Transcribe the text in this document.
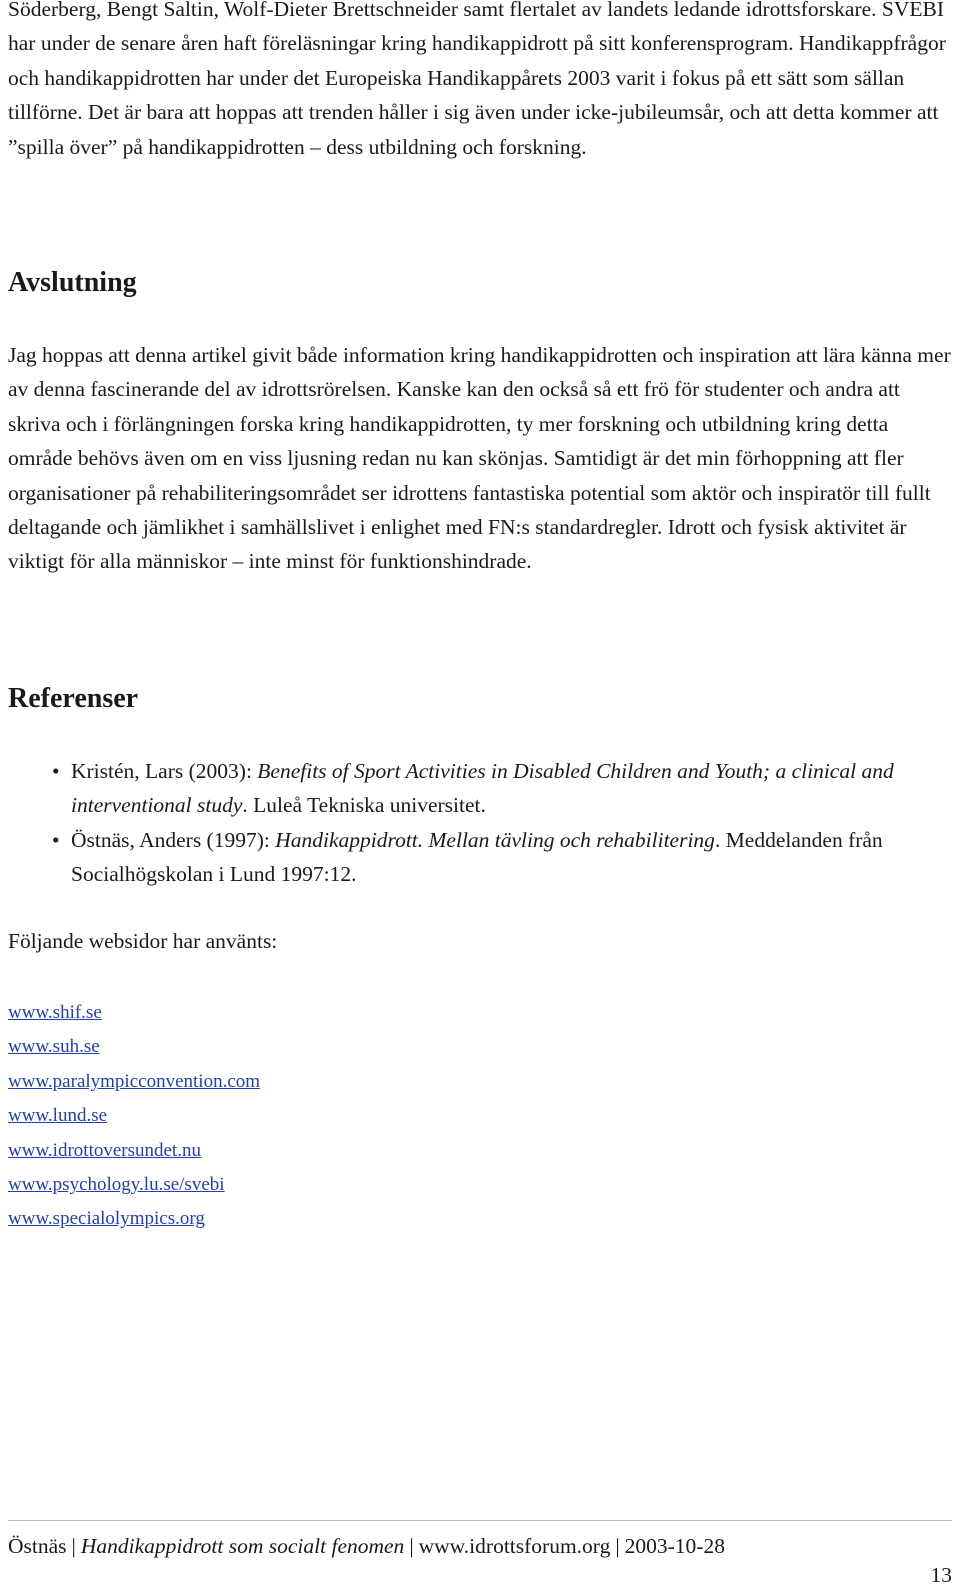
Söderberg, Bengt Saltin, Wolf-Dieter Brettschneider samt flertalet av landets ledande idrottsforskare. SVEBI har under de senare åren haft föreläsningar kring handikappidrott på sitt konferensprogram. Handikappfrågor och handikappidrotten har under det Europeiska Handikappårets 2003 varit i fokus på ett sätt som sällan tillförne. Det är bara att hoppas att trenden håller i sig även under icke-jubileumsår, och att detta kommer att ”spilla över” på handikappidrotten – dess utbildning och forskning.

Avslutning

Jag hoppas att denna artikel givit både information kring handikappidrotten och inspiration att lära känna mer av denna fascinerande del av idrottsrörelsen. Kanske kan den också så ett frö för studenter och andra att skriva och i förlängningen forska kring handikappidrotten, ty mer forskning och utbildning kring detta område behövs även om en viss ljusning redan nu kan skönjas. Samtidigt är det min förhoppning att fler organisationer på rehabiliteringsområdet ser idrottens fantastiska potential som aktör och inspiratör till fullt deltagande och jämlikhet i samhällslivet i enlighet med FN:s standardregler. Idrott och fysisk aktivitet är viktigt för alla människor – inte minst för funktionshindrade.

Referenser
• Kristén, Lars (2003): Benefits of Sport Activities in Disabled Children and Youth; a clinical and interventional study. Luleå Tekniska universitet.
• Östnäs, Anders (1997): Handikappidrott. Mellan tävling och rehabilitering. Meddelanden från Socialhögskolan i Lund 1997:12.

Följande websidor har använts:

www.shif.se
www.suh.se
www.paralympicconvention.com
www.lund.se
www.idrottoversundet.nu
www.psychology.lu.se/svebi
www.specialolympics.org
Östnäs | Handikappidrott som socialt fenomen | www.idrottsforum.org | 2003-10-28
13
